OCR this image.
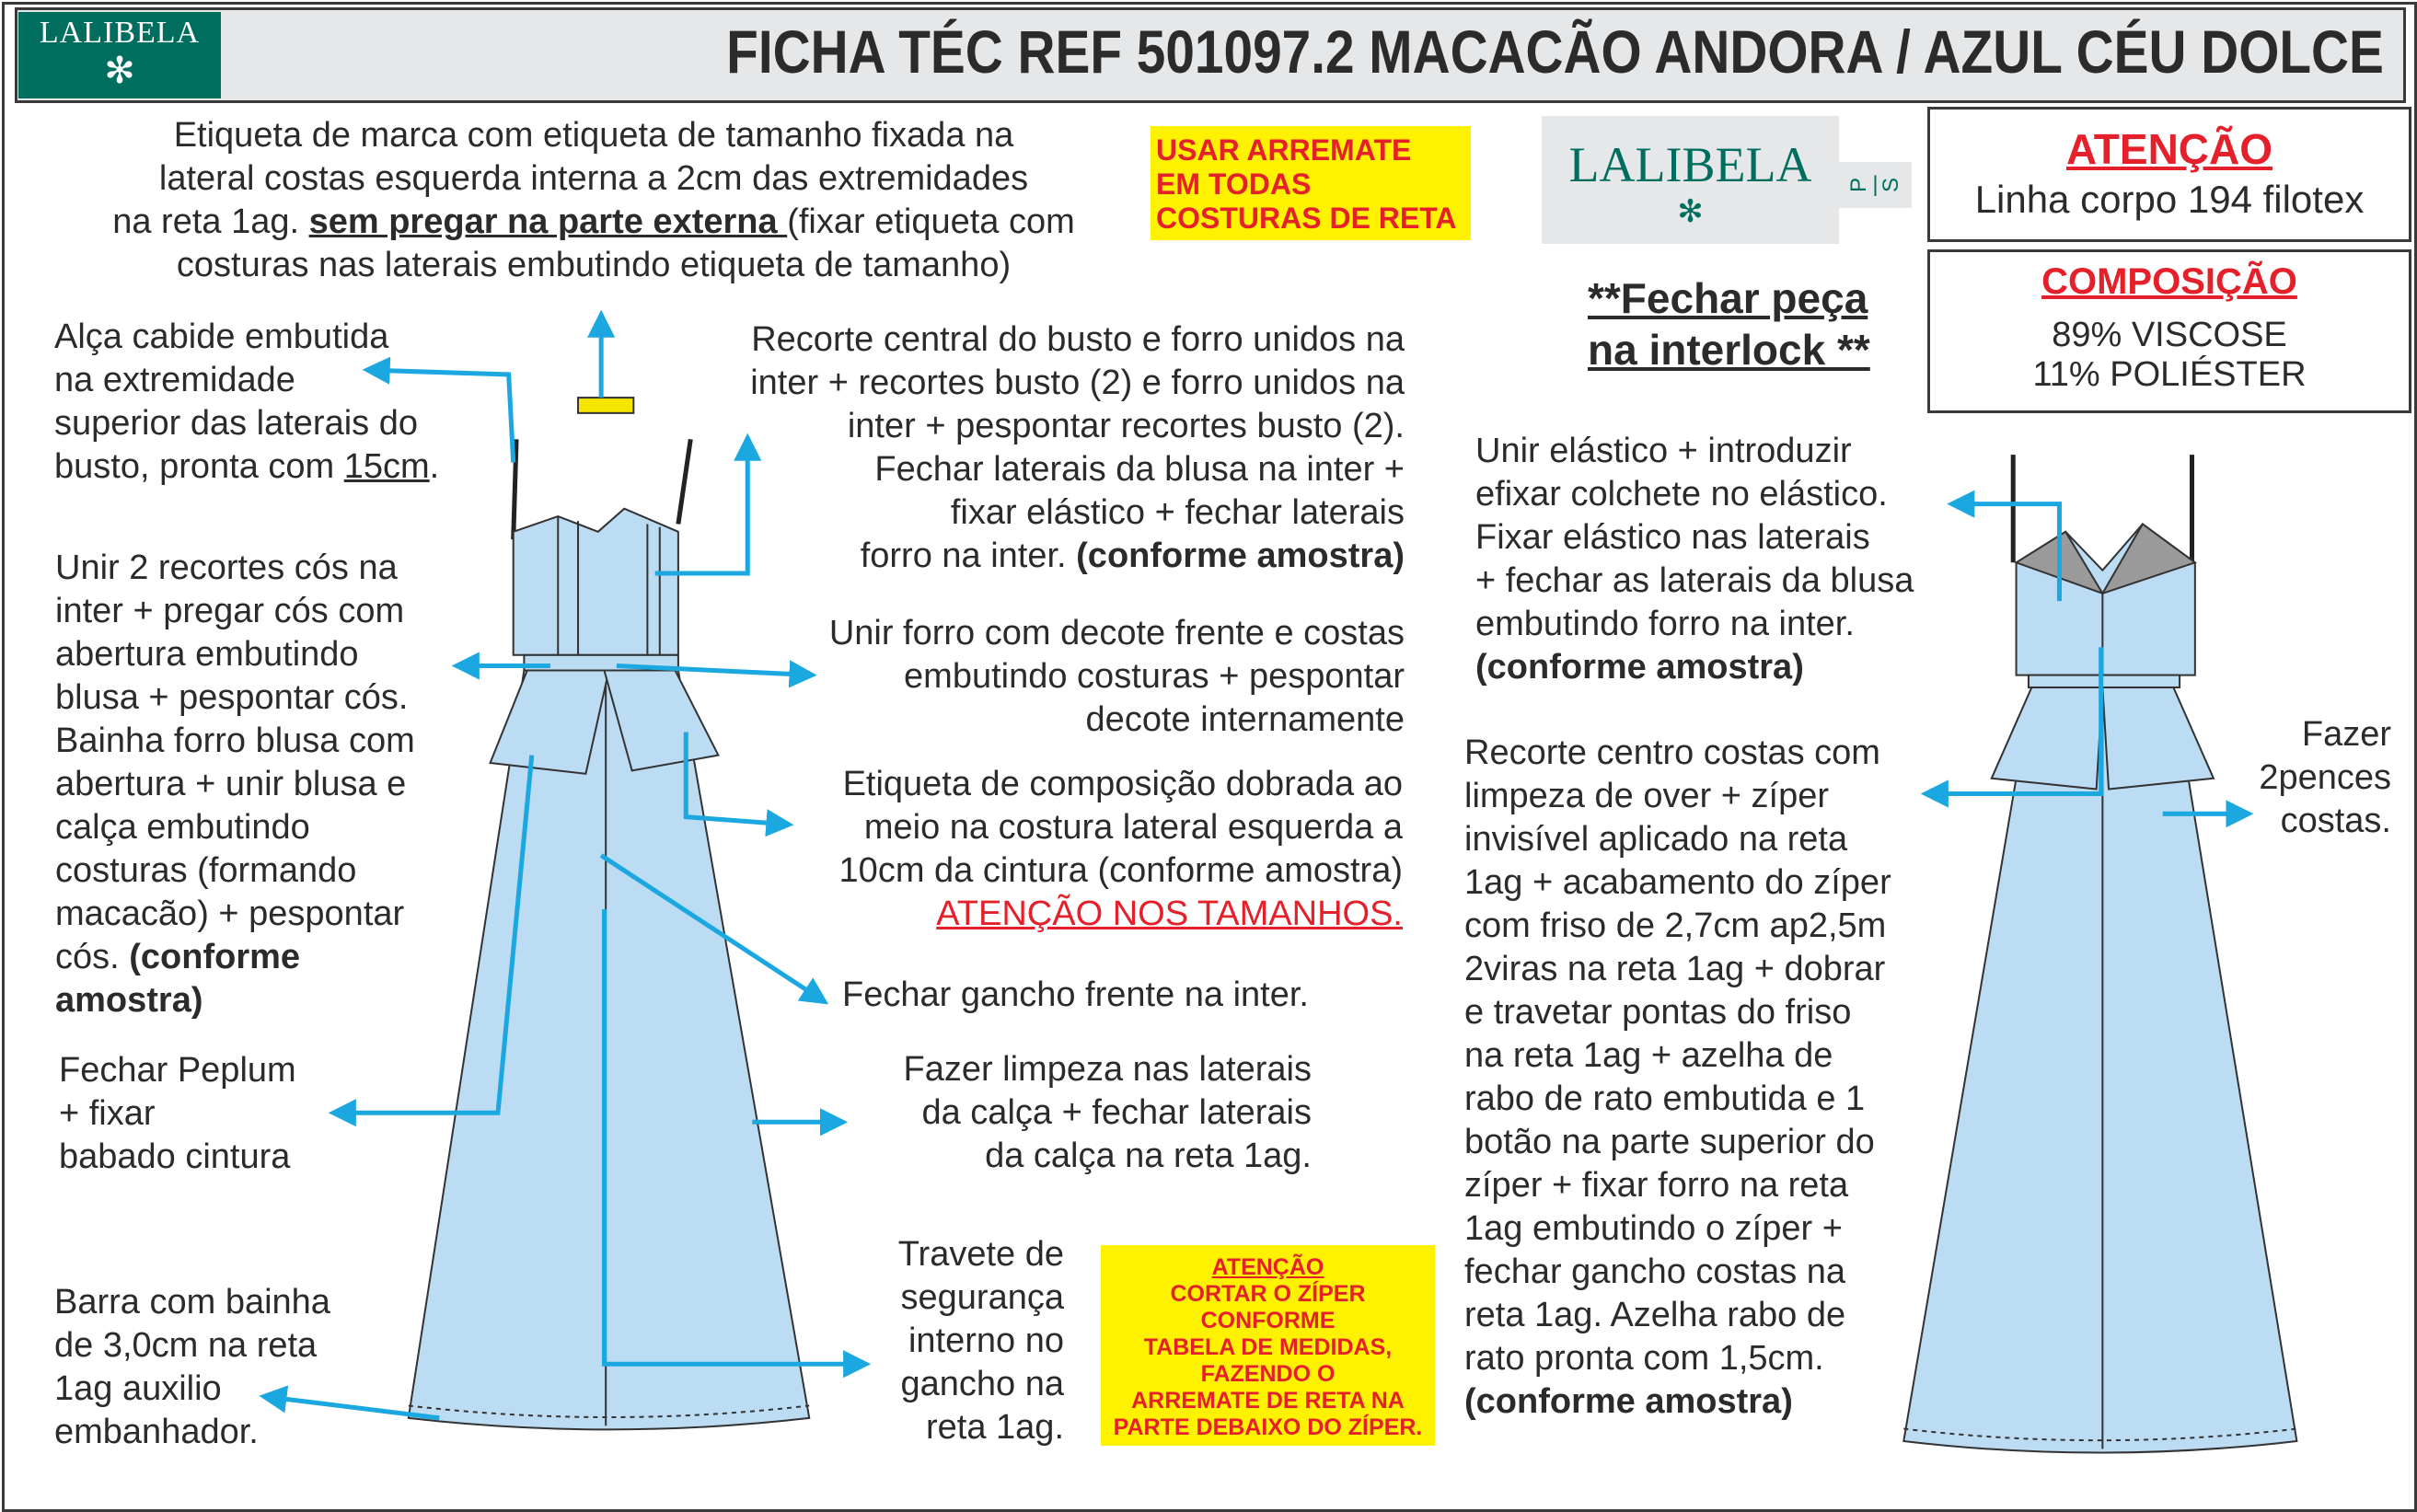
LALIBELA
✻	FICHA TÉC REF 501097.2 MACACÃO ANDORA / AZUL CÉU DOLCE
Etiqueta de marca com etiqueta de tamanho fixada na
lateral costas esquerda interna a 2cm das extremidades
na reta 1ag. sem pregar na parte externa (fixar etiqueta com
costuras nas laterais embutindo etiqueta de tamanho)
USAR ARREMATE
EM TODAS
COSTURAS DE RETA
LALIBELA
✻
P | S
ATENÇÃO
Linha corpo 194 filotex
COMPOSIÇÃO
89% VISCOSE
11% POLIÉSTER
**Fechar peça
na interlock **
Alça cabide embutida
na extremidade
superior das laterais do
busto, pronta com 15cm.
Recorte central do busto e forro unidos na
inter + recortes busto (2) e forro unidos na
inter + pespontar recortes busto (2).
Fechar laterais da blusa na inter +
fixar elástico + fechar laterais
forro na inter. (conforme amostra)
Unir 2 recortes cós na
inter + pregar cós com
abertura embutindo
blusa + pespontar cós.
Bainha forro blusa com
abertura + unir blusa e
calça embutindo
costuras (formando
macacão) + pespontar
cós. (conforme
amostra)
Unir forro com decote frente e costas
embutindo costuras + pespontar
decote internamente
Etiqueta de composição dobrada ao
meio na costura lateral esquerda a
10cm da cintura (conforme amostra)
ATENÇÃO NOS TAMANHOS.
Fechar gancho frente na inter.
Fechar Peplum
+ fixar
babado cintura
Fazer limpeza nas laterais
da calça + fechar laterais
da calça na reta 1ag.
Barra com bainha
de 3,0cm na reta
1ag auxilio
embanhador.
Travete de
segurança
interno no
gancho na
reta 1ag.
ATENÇÃO
CORTAR O ZÍPER
CONFORME
TABELA DE MEDIDAS,
FAZENDO O
ARREMATE DE RETA NA
PARTE DEBAIXO DO ZÍPER.
Unir elástico + introduzir
efixar colchete no elástico.
Fixar elástico nas laterais
+ fechar as laterais da blusa
embutindo forro na inter.
(conforme amostra)
Recorte centro costas com
limpeza de over + zíper
invisível aplicado na reta
1ag + acabamento do zíper
com friso de 2,7cm ap2,5m
2viras na reta 1ag + dobrar
e travetar pontas do friso
na reta 1ag + azelha de
rabo de rato embutida e 1
botão na parte superior do
zíper + fixar forro na reta
1ag embutindo o zíper +
fechar gancho costas na
reta 1ag. Azelha rabo de
rato pronta com 1,5cm.
(conforme amostra)
Fazer
2pences
costas.
